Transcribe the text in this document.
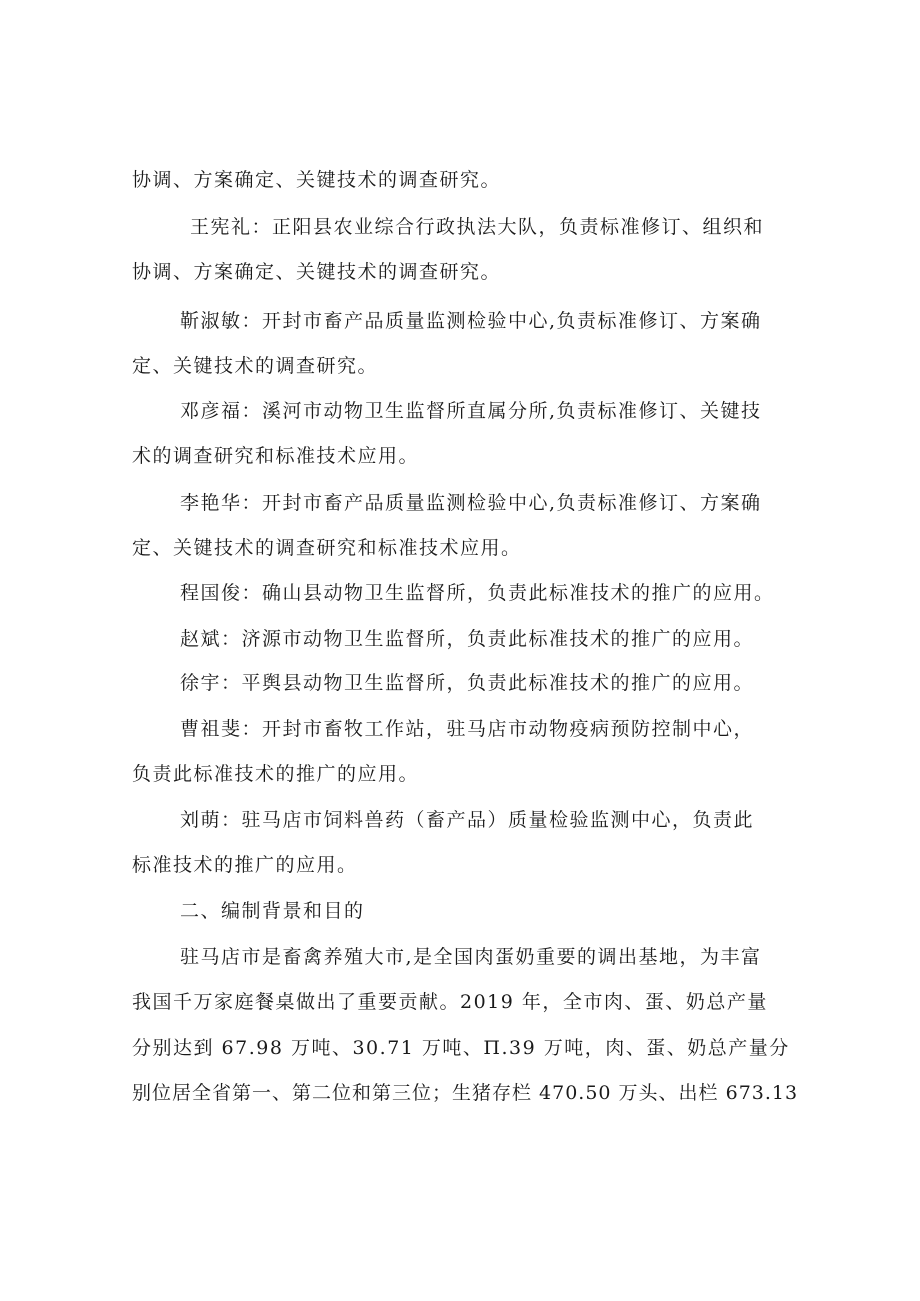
协调、方案确定、关键技术的调查研究。
王宪礼：正阳县农业综合行政执法大队，负责标准修订、组织和
协调、方案确定、关键技术的调查研究。
靳淑敏：开封市畜产品质量监测检验中心,负责标准修订、方案确
定、关键技术的调查研究。
邓彦福：溪河市动物卫生监督所直属分所,负责标准修订、关键技
术的调查研究和标准技术应用。
李艳华：开封市畜产品质量监测检验中心,负责标准修订、方案确
定、关键技术的调查研究和标准技术应用。
程国俊：确山县动物卫生监督所，负责此标准技术的推广的应用。
赵斌：济源市动物卫生监督所，负责此标准技术的推广的应用。
徐宇：平舆县动物卫生监督所，负责此标准技术的推广的应用。
曹祖斐：开封市畜牧工作站，驻马店市动物疫病预防控制中心，
负责此标准技术的推广的应用。
刘萌：驻马店市饲料兽药（畜产品）质量检验监测中心，负责此
标准技术的推广的应用。
二、编制背景和目的
驻马店市是畜禽养殖大市,是全国肉蛋奶重要的调出基地，为丰富
我国千万家庭餐桌做出了重要贡献。2019 年，全市肉、蛋、奶总产量
分别达到 67.98 万吨、30.71 万吨、Π.39 万吨，肉、蛋、奶总产量分
别位居全省第一、第二位和第三位；生猪存栏 470.50 万头、出栏 673.13
